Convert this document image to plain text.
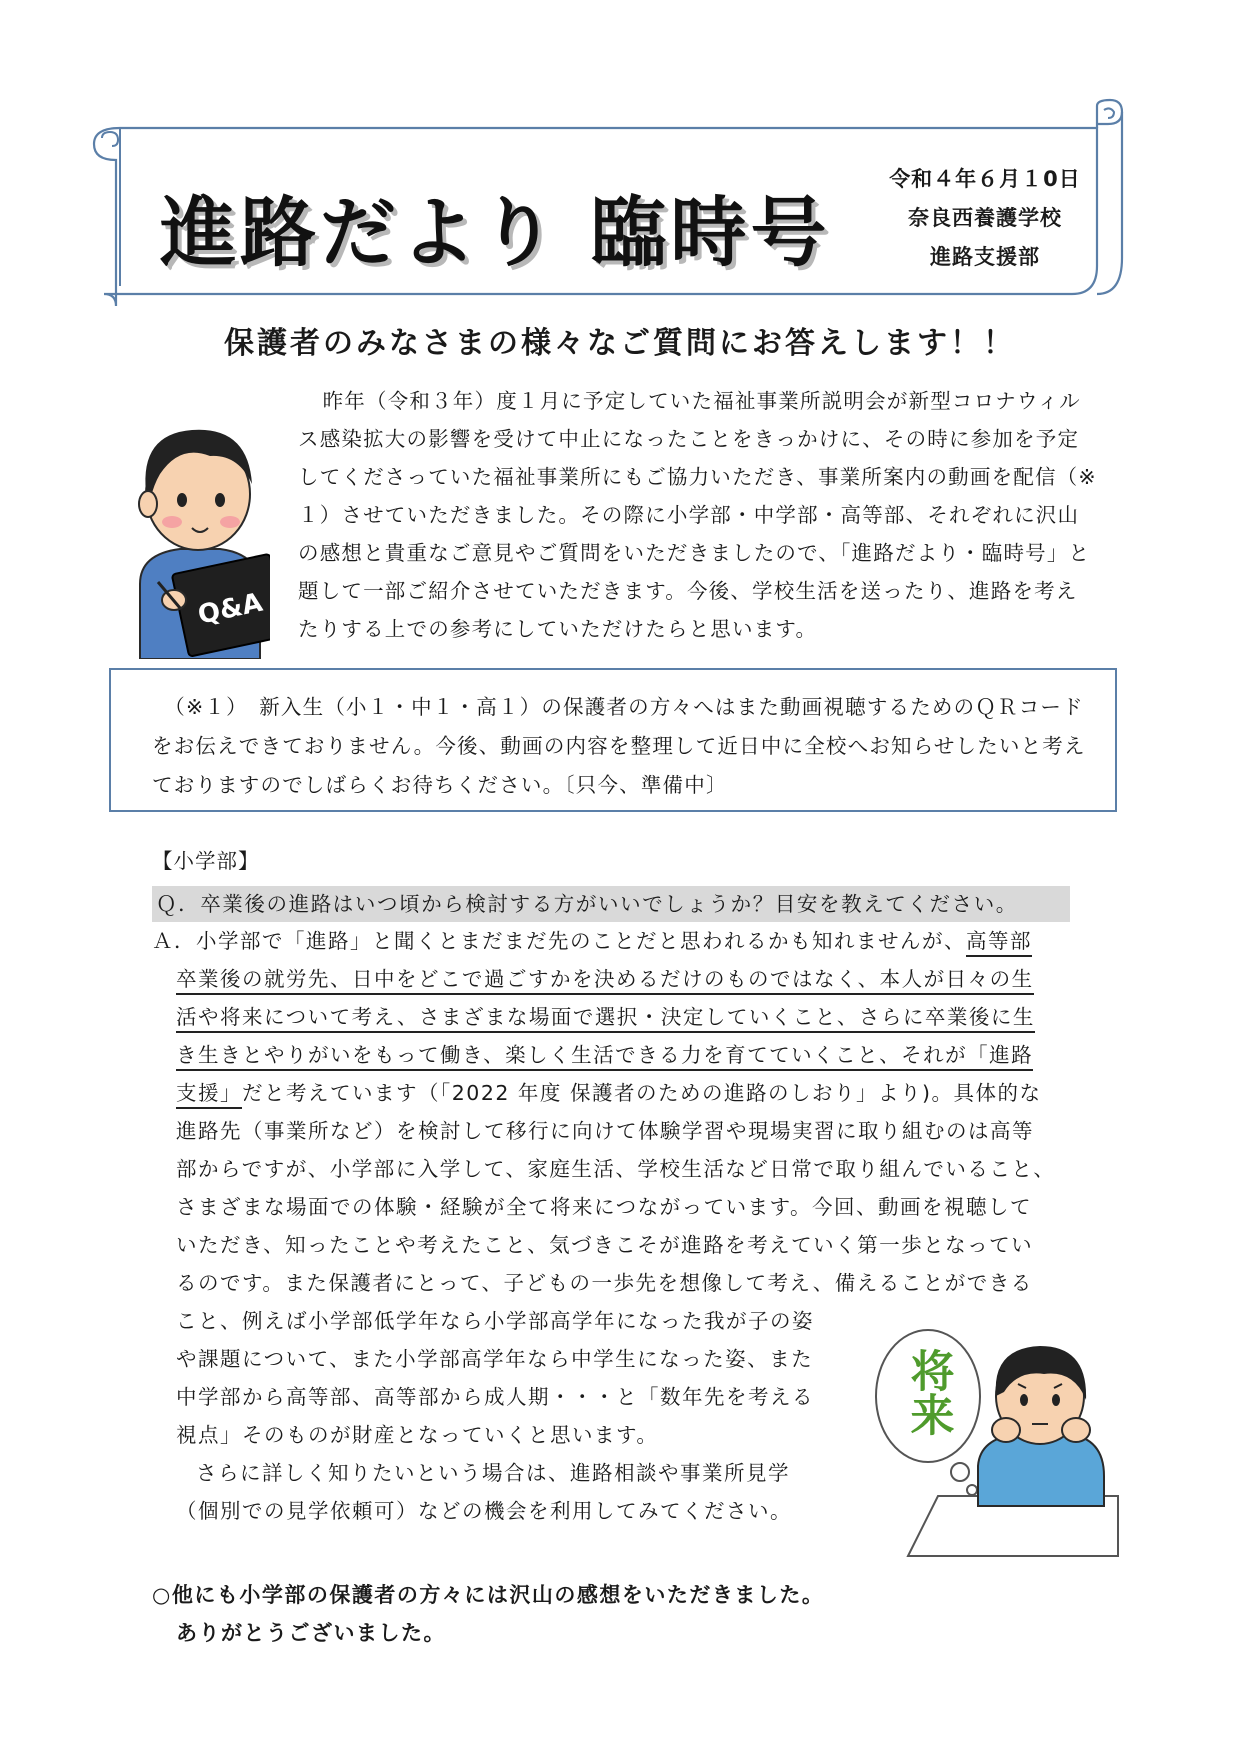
進路だより 臨時号
令和４年６月１0日
奈良西養護学校
進路支援部
保護者のみなさまの様々なご質問にお答えします！！
Q&A
昨年（令和３年）度１月に予定していた福祉事業所説明会が新型コロナウィルス感染拡大の影響を受けて中止になったことをきっかけに、その時に参加を予定してくださっていた福祉事業所にもご協力いただき、事業所案内の動画を配信（※１）させていただきました。その際に小学部・中学部・高等部、それぞれに沢山の感想と貴重なご意見やご質問をいただきましたので、「進路だより・臨時号」と題して一部ご紹介させていただきます。今後、学校生活を送ったり、進路を考えたりする上での参考にしていただけたらと思います。
（※１）　新入生（小１・中１・高１）の保護者の方々へはまた動画視聴するためのＱＲコードをお伝えできておりません。今後、動画の内容を整理して近日中に全校へお知らせしたいと考えておりますのでしばらくお待ちください。〔只今、準備中〕
【小学部】
Ｑ．卒業後の進路はいつ頃から検討する方がいいでしょうか？目安を教えてください。
Ａ．小学部で「進路」と聞くとまだまだ先のことだと思われるかも知れませんが、高等部
卒業後の就労先、日中をどこで過ごすかを決めるだけのものではなく、本人が日々の生
活や将来について考え、さまざまな場面で選択・決定していくこと、さらに卒業後に生
き生きとやりがいをもって働き、楽しく生活できる力を育てていくこと、それが「進路
支援」だと考えています（「2022 年度 保護者のための進路のしおり」より)。具体的な
進路先（事業所など）を検討して移行に向けて体験学習や現場実習に取り組むのは高等
部からですが、小学部に入学して、家庭生活、学校生活など日常で取り組んでいること、
さまざまな場面での体験・経験が全て将来につながっています。今回、動画を視聴して
いただき、知ったことや考えたこと、気づきこそが進路を考えていく第一歩となってい
るのです。また保護者にとって、子どもの一歩先を想像して考え、備えることができる
こと、例えば小学部低学年なら小学部高学年になった我が子の姿
や課題について、また小学部高学年なら中学生になった姿、また
中学部から高等部、高等部から成人期・・・と「数年先を考える
視点」そのものが財産となっていくと思います。
さらに詳しく知りたいという場合は、進路相談や事業所見学
（個別での見学依頼可）などの機会を利用してみてください。
将来
○他にも小学部の保護者の方々には沢山の感想をいただきました。
ありがとうございました。
